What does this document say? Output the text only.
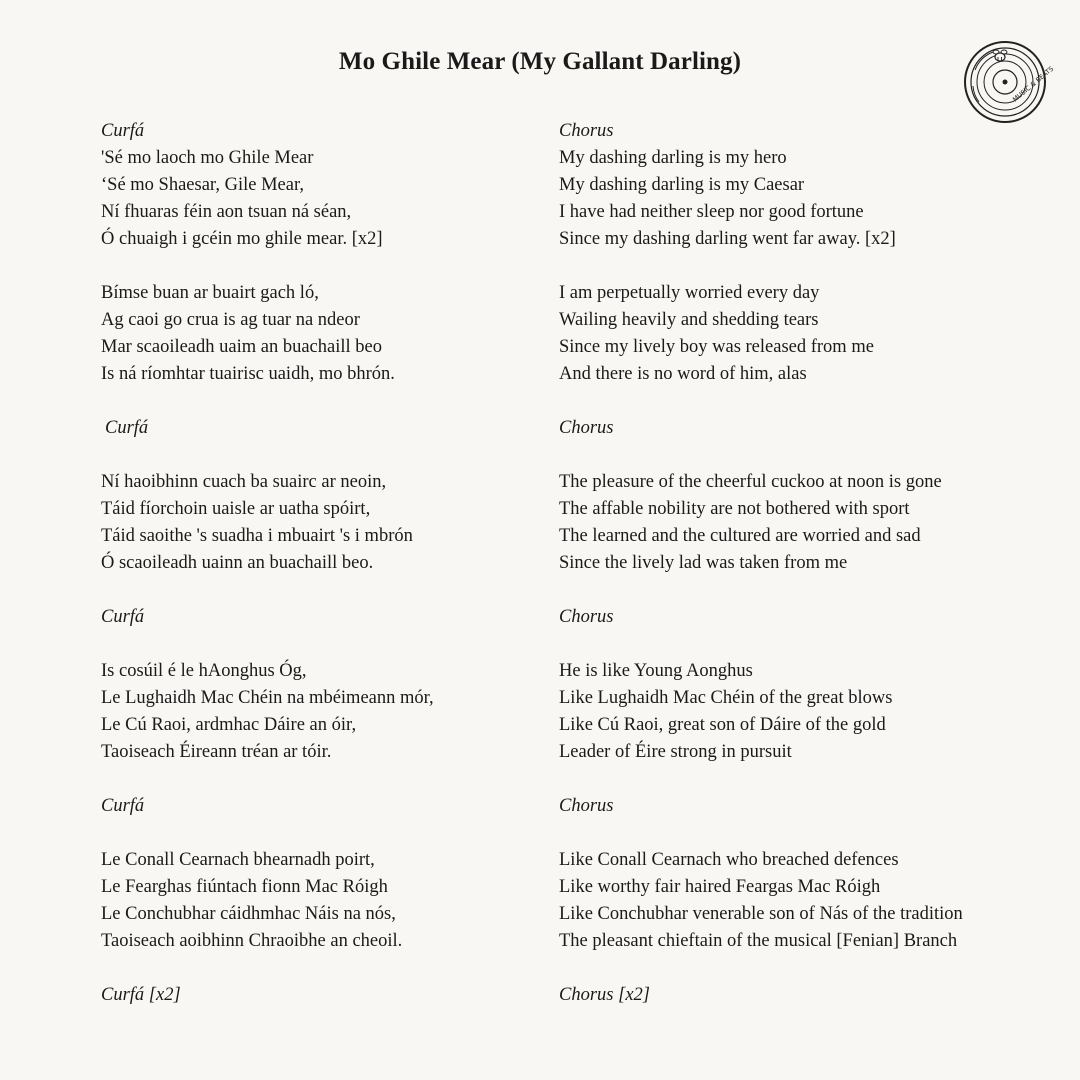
Mo Ghile Mear (My Gallant Darling)
MUSIC & BEATS
Curfá
'Sé mo laoch mo Ghile Mear
‘Sé mo Shaesar, Gile Mear,
Ní fhuaras féin aon tsuan ná séan,
Ó chuaigh i gcéin mo ghile mear. [x2]
Bímse buan ar buairt gach ló,
Ag caoi go crua is ag tuar na ndeor
Mar scaoileadh uaim an buachaill beo
Is ná ríomhtar tuairisc uaidh, mo bhrón.
Curfá
Ní haoibhinn cuach ba suairc ar neoin,
Táid fíorchoin uaisle ar uatha spóirt,
Táid saoithe 's suadha i mbuairt 's i mbrón
Ó scaoileadh uainn an buachaill beo.
Curfá
Is cosúil é le hAonghus Óg,
Le Lughaidh Mac Chéin na mbéimeann mór,
Le Cú Raoi, ardmhac Dáire an óir,
Taoiseach Éireann tréan ar tóir.
Curfá
Le Conall Cearnach bhearnadh poirt,
Le Fearghas fiúntach fionn Mac Róigh
Le Conchubhar cáidhmhac Náis na nós,
Taoiseach aoibhinn Chraoibhe an cheoil.
Curfá [x2]
Chorus
My dashing darling is my hero
My dashing darling is my Caesar
I have had neither sleep nor good fortune
Since my dashing darling went far away. [x2]
I am perpetually worried every day
Wailing heavily and shedding tears
Since my lively boy was released from me
And there is no word of him, alas
Chorus
The pleasure of the cheerful cuckoo at noon is gone
The affable nobility are not bothered with sport
The learned and the cultured are worried and sad
Since the lively lad was taken from me
Chorus
He is like Young Aonghus
Like Lughaidh Mac Chéin of the great blows
Like Cú Raoi, great son of Dáire of the gold
Leader of Éire strong in pursuit
Chorus
Like Conall Cearnach who breached defences
Like worthy fair haired Feargas Mac Róigh
Like Conchubhar venerable son of Nás of the tradition
The pleasant chieftain of the musical [Fenian] Branch
Chorus [x2]
